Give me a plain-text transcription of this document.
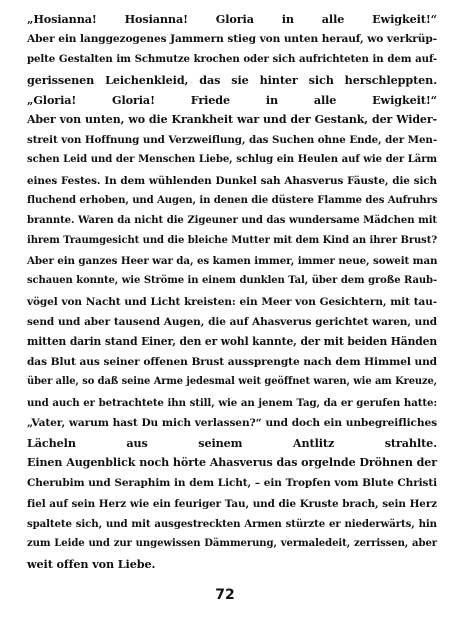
„Hosianna! Hosianna! Gloria in alle Ewigkeit!“
Aber ein langgezogenes Jammern stieg von unten herauf, wo verkrüp-
pelte Gestalten im Schmutze krochen oder sich aufrichteten in dem auf-
gerissenen Leichenkleid, das sie hinter sich herschleppten.
„Gloria! Gloria! Friede in alle Ewigkeit!“
Aber von unten, wo die Krankheit war und der Gestank, der Wider-
streit von Hoffnung und Verzweiflung, das Suchen ohne Ende, der Men-
schen Leid und der Menschen Liebe, schlug ein Heulen auf wie der Lärm
eines Festes. In dem wühlenden Dunkel sah Ahasverus Fäuste, die sich
fluchend erhoben, und Augen, in denen die düstere Flamme des Aufruhrs
brannte. Waren da nicht die Zigeuner und das wundersame Mädchen mit
ihrem Traumgesicht und die bleiche Mutter mit dem Kind an ihrer Brust?
Aber ein ganzes Heer war da, es kamen immer, immer neue, soweit man
schauen konnte, wie Ströme in einem dunklen Tal, über dem große Raub-
vögel von Nacht und Licht kreisten: ein Meer von Gesichtern, mit tau-
send und aber tausend Augen, die auf Ahasverus gerichtet waren, und
mitten darin stand Einer, den er wohl kannte, der mit beiden Händen
das Blut aus seiner offenen Brust aussprengte nach dem Himmel und
über alle, so daß seine Arme jedesmal weit geöffnet waren, wie am Kreuze,
und auch er betrachtete ihn still, wie an jenem Tag, da er gerufen hatte:
„Vater, warum hast Du mich verlassen?“ und doch ein unbegreifliches
Lächeln aus seinem Antlitz strahlte.
Einen Augenblick noch hörte Ahasverus das orgelnde Dröhnen der
Cherubim und Seraphim in dem Licht, – ein Tropfen vom Blute Christi
fiel auf sein Herz wie ein feuriger Tau, und die Kruste brach, sein Herz
spaltete sich, und mit ausgestreckten Armen stürzte er niederwärts, hin
zum Leide und zur ungewissen Dämmerung, vermaledeit, zerrissen, aber
weit offen von Liebe.
72
